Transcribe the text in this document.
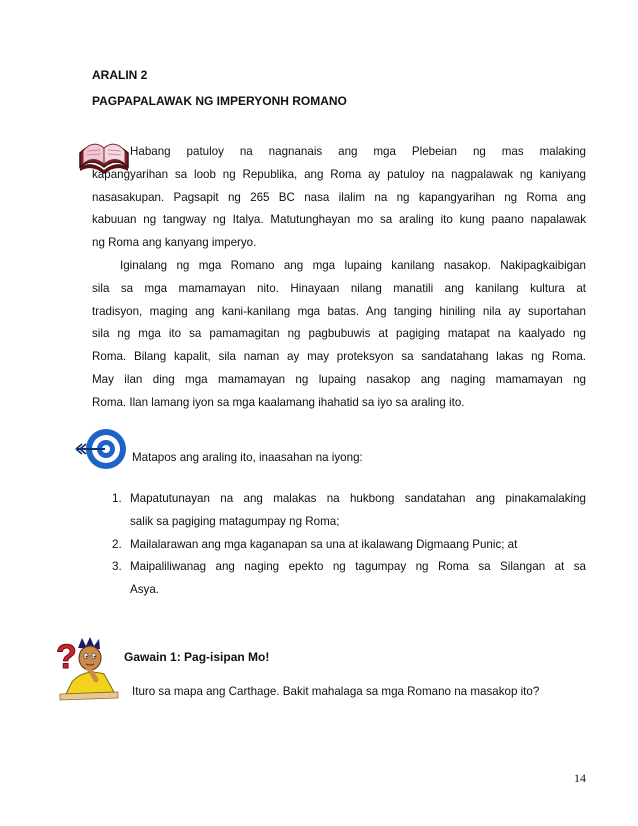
ARALIN 2
PAGPAPALAWAK NG IMPERYONH ROMANO
Habang patuloy na nagnanais ang mga Plebeian ng mas malaking
kapangyarihan sa loob ng Republika, ang Roma ay patuloy na nagpalawak ng kaniyang
nasasakupan. Pagsapit ng 265 BC nasa ilalim na ng kapangyarihan ng Roma ang
kabuuan ng tangway ng Italya. Matutunghayan mo sa araling ito kung paano napalawak
ng Roma ang kanyang imperyo.
Iginalang ng mga Romano ang mga lupaing kanilang nasakop. Nakipagkaibigan
sila sa mga mamamayan nito. Hinayaan nilang manatili ang kanilang kultura at
tradisyon, maging ang kani-kanilang mga batas. Ang tanging hiniling nila ay suportahan
sila ng mga ito sa pamamagitan ng pagbubuwis at pagiging matapat na kaalyado ng
Roma. Bilang kapalit, sila naman ay may proteksyon sa sandatahang lakas ng Roma.
May ilan ding mga mamamayan ng lupaing nasakop ang naging mamamayan ng
Roma. Ilan lamang iyon sa mga kaalamang ihahatid sa iyo sa araling ito.
Matapos ang araling ito, inaasahan na iyong:
1. Mapatutunayan na ang malakas na hukbong sandatahan ang pinakamalaking
salik sa pagiging matagumpay ng Roma;
2. Mailalarawan ang mga kaganapan sa una at ikalawang Digmaang Punic; at
3. Maipaliliwanag ang naging epekto ng tagumpay ng Roma sa Silangan at sa
Asya.
?	Gawain 1: Pag-isipan Mo!
Ituro sa mapa ang Carthage. Bakit mahalaga sa mga Romano na masakop ito?
14
